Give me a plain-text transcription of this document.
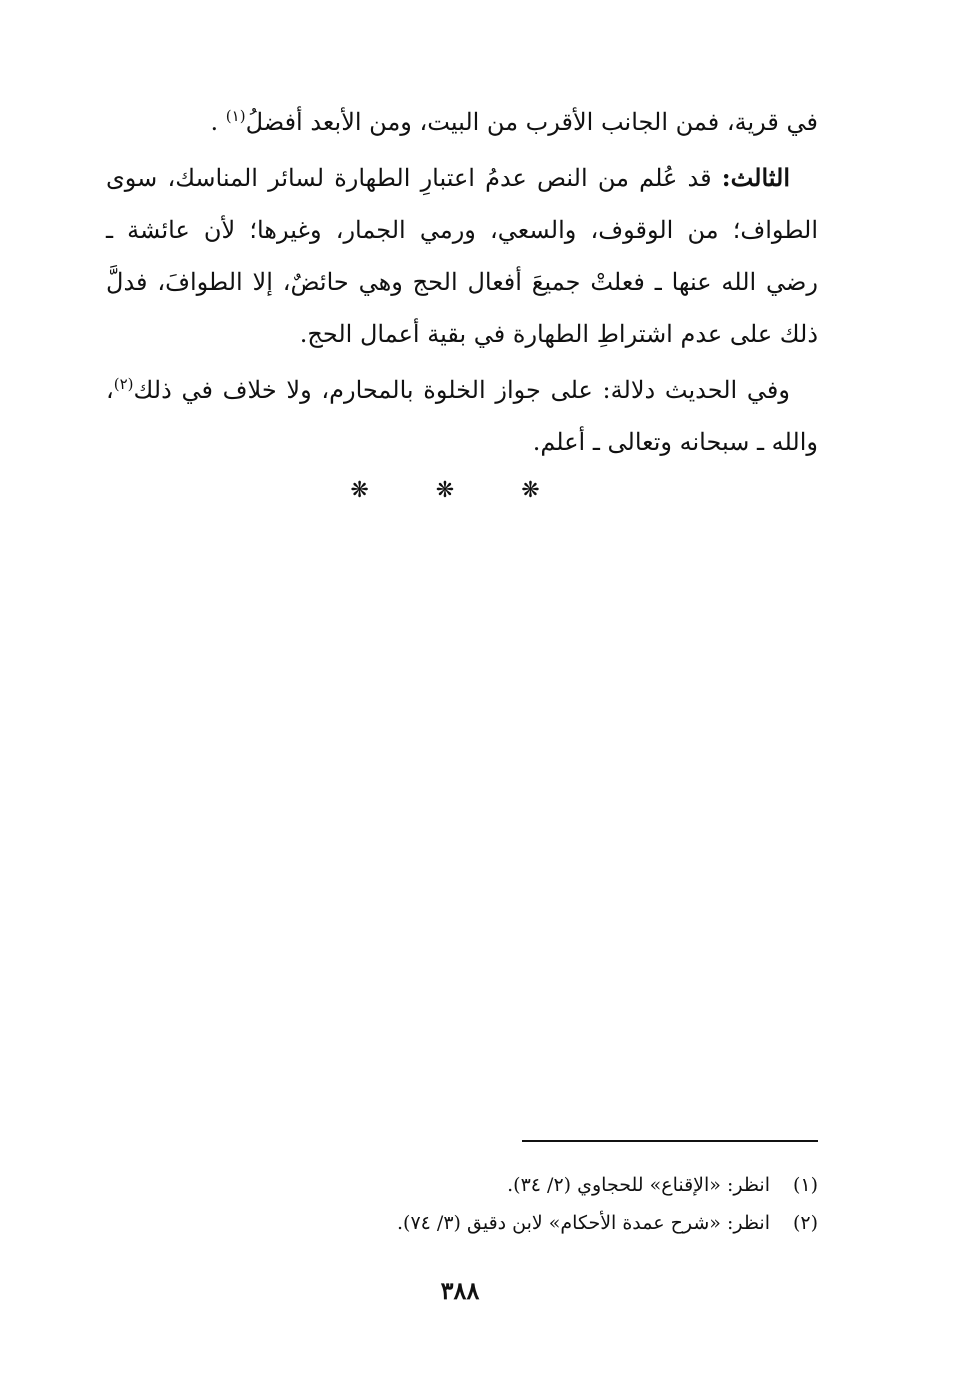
في قرية، فمن الجانب الأقرب من البيت، ومن الأبعد أفضلُ$^{(١)}$ .

الثالث: قد عُلم من النص عدمُ اعتبارِ الطهارة لسائر المناسك، سوى الطواف؛ من الوقوف، والسعي، ورمي الجمار، وغيرها؛ لأن عائشة ـ رضي الله عنها ـ فعلتْ جميعَ أفعال الحج وهي حائضٌ، إلا الطوافَ، فدلَّ ذلك على عدم اشتراطِ الطهارة في بقية أعمال الحج.

وفي الحديث دلالة: على جواز الخلوة بالمحارم، ولا خلاف في ذلك$^{(٢)}$، والله ـ سبحانه وتعالى ـ أعلم.

❋ ❋ ❋
(١)
انظر: «الإقناع» للحجاوي (٢/ ٣٤).
(٢)
انظر: «شرح عمدة الأحكام» لابن دقيق (٣/ ٧٤).
٣٨٨
